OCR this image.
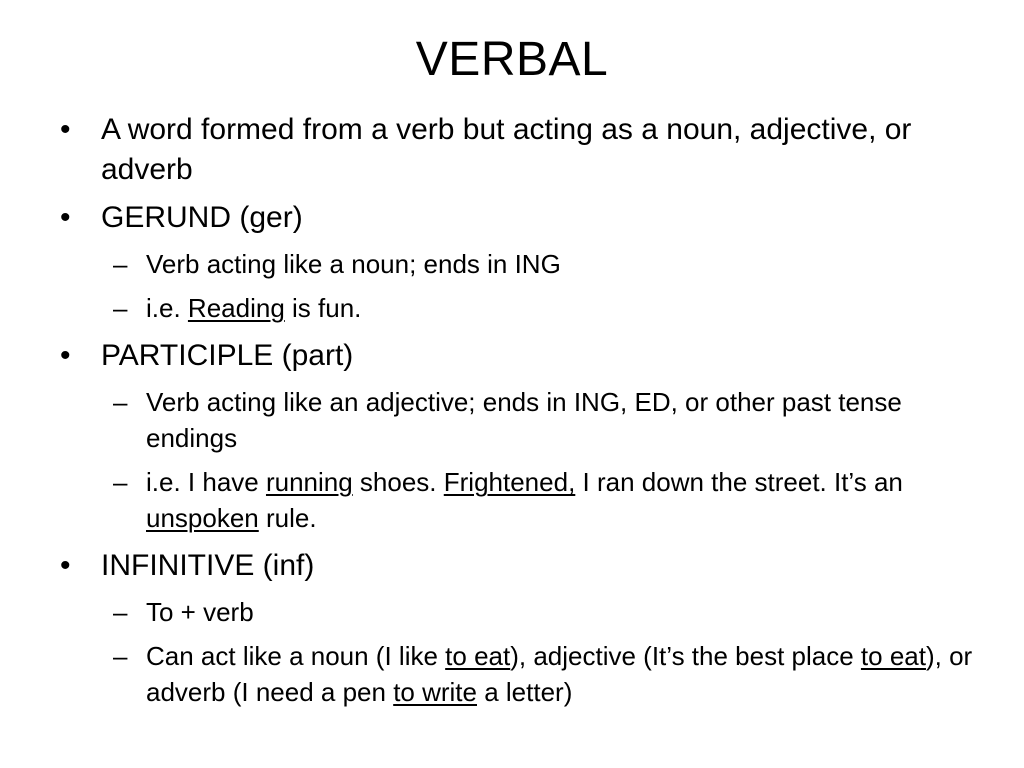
VERBAL
•	A word formed from a verb but acting as a noun, adjective, or adverb
•	GERUND (ger)
– Verb acting like a noun; ends in ING
– i.e. Reading is fun.
•	PARTICIPLE (part)
– Verb acting like an adjective; ends in ING, ED, or other past tense endings
– i.e. I have running shoes. Frightened, I ran down the street. It’s an unspoken rule.
•	INFINITIVE (inf)
– To + verb
– Can act like a noun (I like to eat), adjective (It’s the best place to eat), or adverb (I need a pen to write a letter)
